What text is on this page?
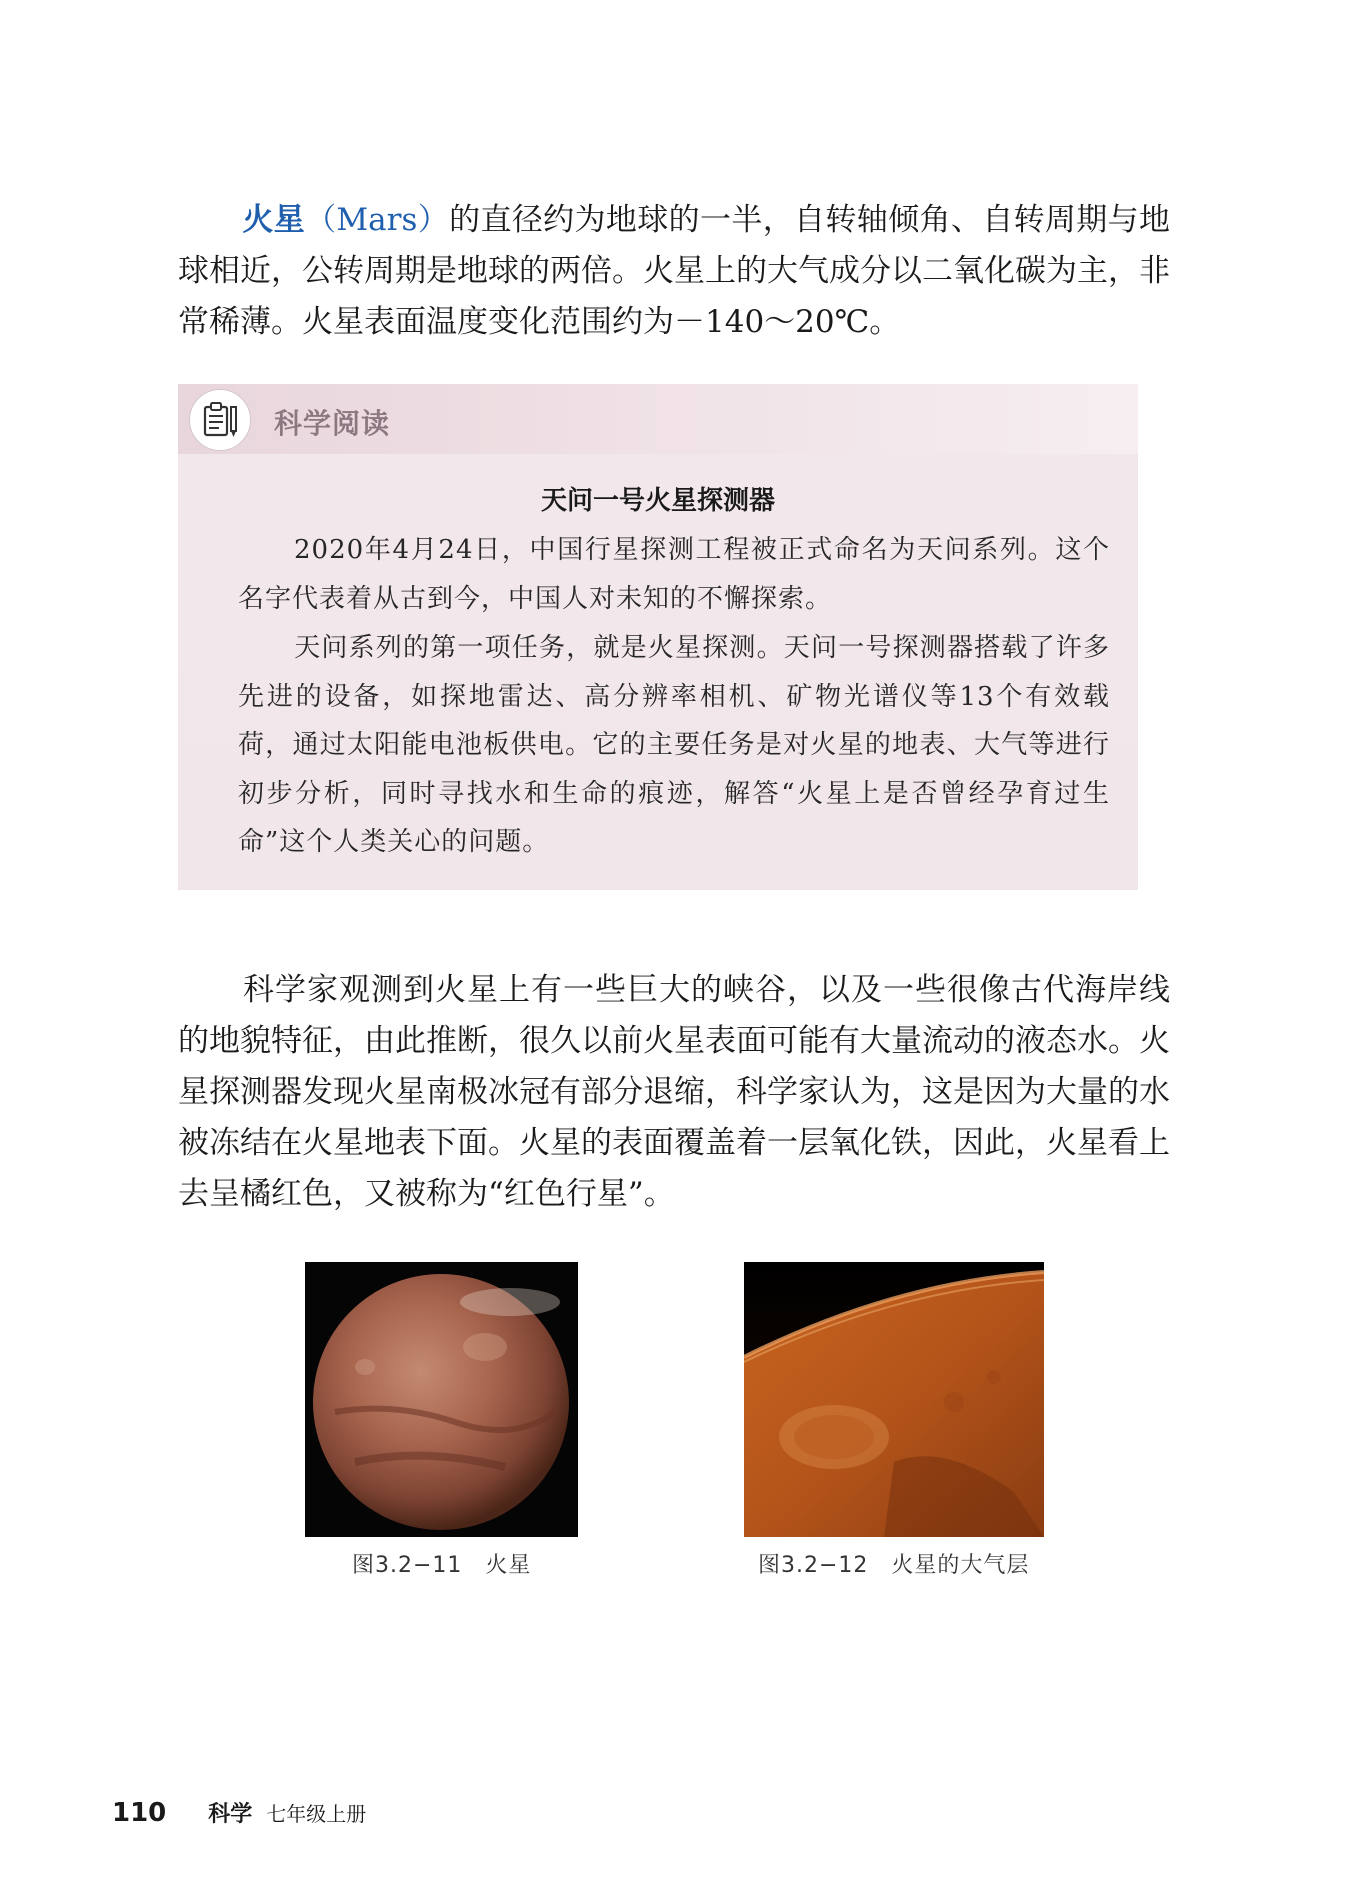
火星（Mars）的直径约为地球的一半，自转轴倾角、自转周期与地球相近，公转周期是地球的两倍。火星上的大气成分以二氧化碳为主，非常稀薄。火星表面温度变化范围约为－140～20℃。

科学阅读
天问一号火星探测器

2020年4月24日，中国行星探测工程被正式命名为天问系列。这个名字代表着从古到今，中国人对未知的不懈探索。

天问系列的第一项任务，就是火星探测。天问一号探测器搭载了许多先进的设备，如探地雷达、高分辨率相机、矿物光谱仪等13个有效载荷，通过太阳能电池板供电。它的主要任务是对火星的地表、大气等进行初步分析，同时寻找水和生命的痕迹，解答“火星上是否曾经孕育过生命”这个人类关心的问题。

科学家观测到火星上有一些巨大的峡谷，以及一些很像古代海岸线的地貌特征，由此推断，很久以前火星表面可能有大量流动的液态水。火星探测器发现火星南极冰冠有部分退缩，科学家认为，这是因为大量的水被冻结在火星地表下面。火星的表面覆盖着一层氧化铁，因此，火星看上去呈橘红色，又被称为“红色行星”。

图3.2−11　火星	图3.2−12　火星的大气层
110 科学 七年级上册
